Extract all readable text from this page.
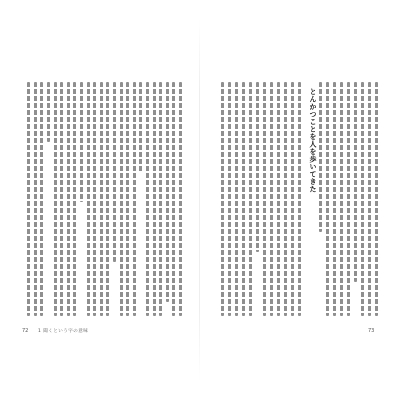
72 1 聞くという字の意味
とんかつことを人を歩いてきた
73
